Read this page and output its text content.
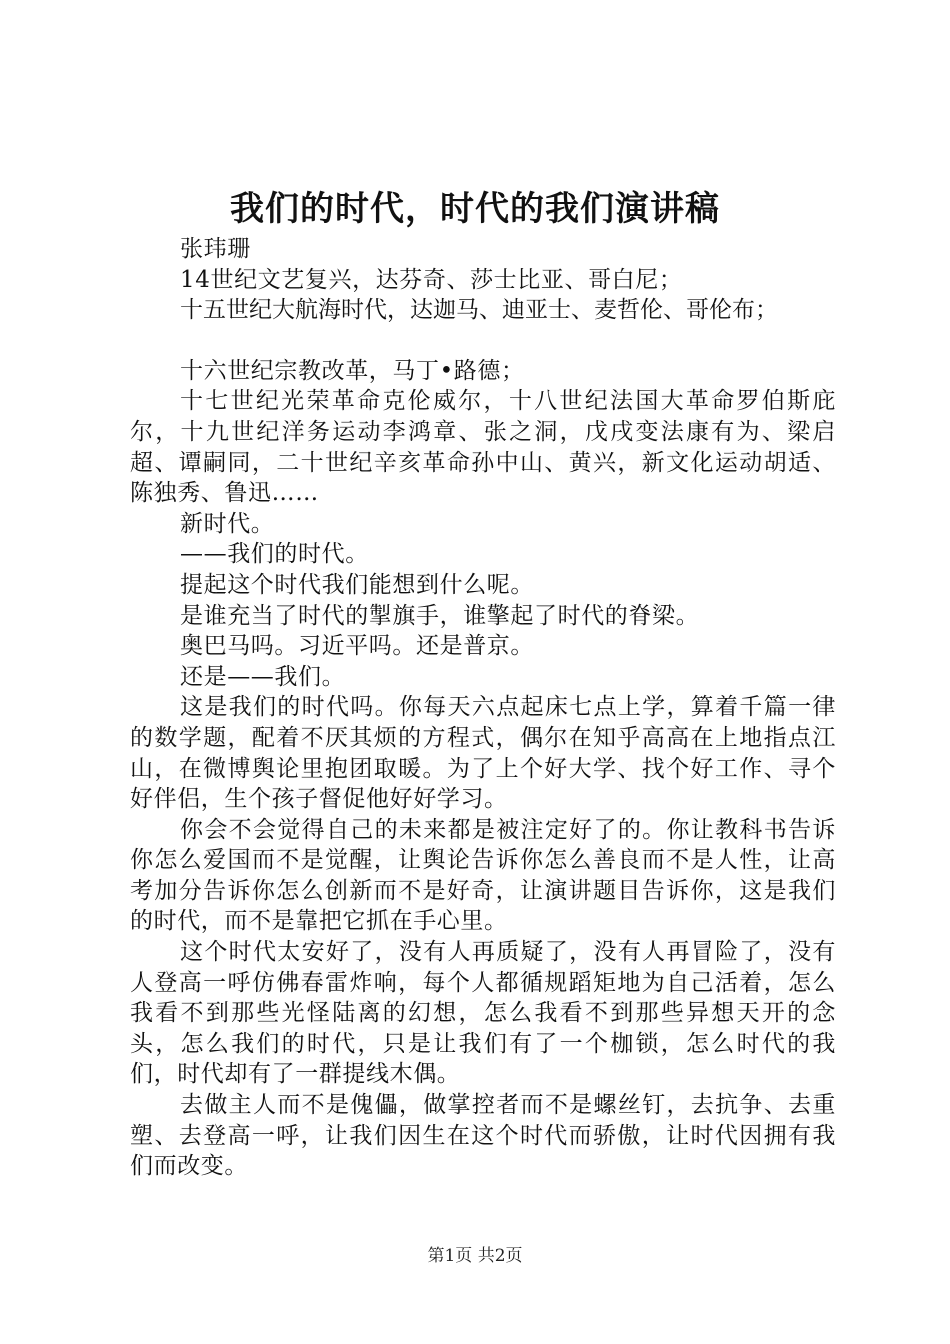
我们的时代，时代的我们演讲稿

张玮珊

14世纪文艺复兴，达芬奇、莎士比亚、哥白尼；

十五世纪大航海时代，达迦马、迪亚士、麦哲伦、哥伦布；

十六世纪宗教改革，马丁•路德；

十七世纪光荣革命克伦威尔，十八世纪法国大革命罗伯斯庇尔，十九世纪洋务运动李鸿章、张之洞，戊戌变法康有为、梁启超、谭嗣同，二十世纪辛亥革命孙中山、黄兴，新文化运动胡适、陈独秀、鲁迅……

新时代。

——我们的时代。

提起这个时代我们能想到什么呢。

是谁充当了时代的掣旗手，谁擎起了时代的脊梁。

奥巴马吗。习近平吗。还是普京。

还是——我们。

这是我们的时代吗。你每天六点起床七点上学，算着千篇一律的数学题，配着不厌其烦的方程式，偶尔在知乎高高在上地指点江山，在微博舆论里抱团取暖。为了上个好大学、找个好工作、寻个好伴侣，生个孩子督促他好好学习。

你会不会觉得自己的未来都是被注定好了的。你让教科书告诉你怎么爱国而不是觉醒，让舆论告诉你怎么善良而不是人性，让高考加分告诉你怎么创新而不是好奇，让演讲题目告诉你，这是我们的时代，而不是靠把它抓在手心里。

这个时代太安好了，没有人再质疑了，没有人再冒险了，没有人登高一呼仿佛春雷炸响，每个人都循规蹈矩地为自己活着，怎么我看不到那些光怪陆离的幻想，怎么我看不到那些异想天开的念头，怎么我们的时代，只是让我们有了一个枷锁，怎么时代的我们，时代却有了一群提线木偶。

去做主人而不是傀儡，做掌控者而不是螺丝钉，去抗争、去重塑、去登高一呼，让我们因生在这个时代而骄傲，让时代因拥有我们而改变。

第1页 共2页
